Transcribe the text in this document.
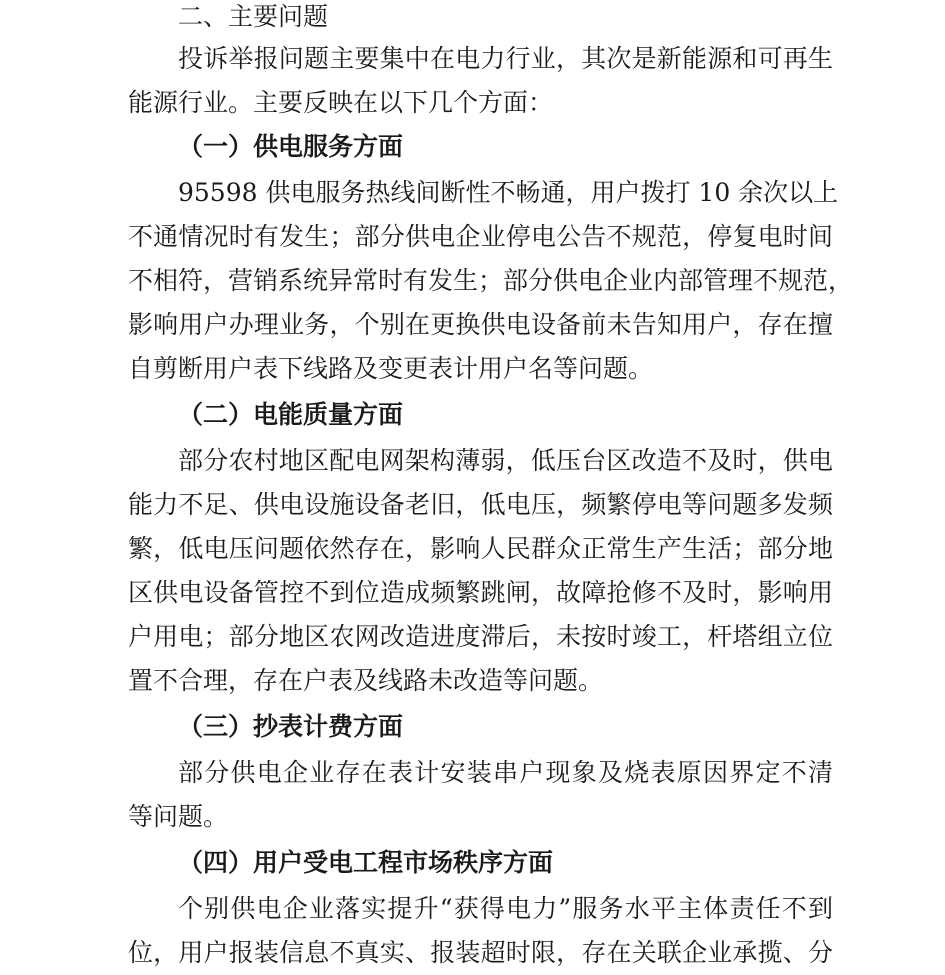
二、主要问题
投诉举报问题主要集中在电力行业，其次是新能源和可再生
能源行业。主要反映在以下几个方面：
（一）供电服务方面
95598 供电服务热线间断性不畅通，用户拨打 10 余次以上
不通情况时有发生；部分供电企业停电公告不规范，停复电时间
不相符，营销系统异常时有发生；部分供电企业内部管理不规范，
影响用户办理业务，个别在更换供电设备前未告知用户，存在擅
自剪断用户表下线路及变更表计用户名等问题。
（二）电能质量方面
部分农村地区配电网架构薄弱，低压台区改造不及时，供电
能力不足、供电设施设备老旧，低电压，频繁停电等问题多发频
繁，低电压问题依然存在，影响人民群众正常生产生活；部分地
区供电设备管控不到位造成频繁跳闸，故障抢修不及时，影响用
户用电；部分地区农网改造进度滞后，未按时竣工，杆塔组立位
置不合理，存在户表及线路未改造等问题。
（三）抄表计费方面
部分供电企业存在表计安装串户现象及烧表原因界定不清
等问题。
（四）用户受电工程市场秩序方面
个别供电企业落实提升“获得电力”服务水平主体责任不到
位，用户报装信息不真实、报装超时限，存在关联企业承揽、分
